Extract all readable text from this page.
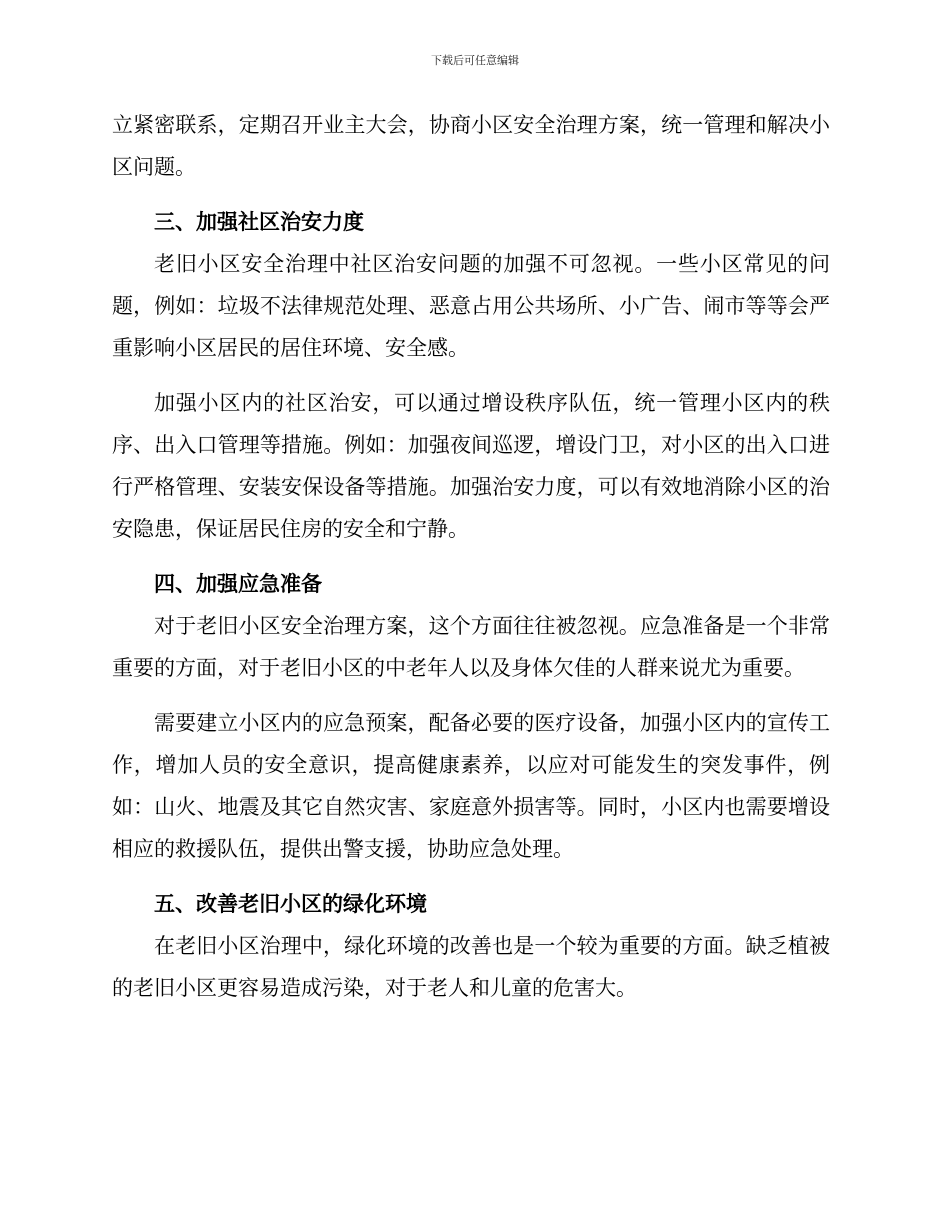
下载后可任意编辑

立紧密联系，定期召开业主大会，协商小区安全治理方案，统一管理和解决小区问题。

三、加强社区治安力度

老旧小区安全治理中社区治安问题的加强不可忽视。一些小区常见的问题，例如：垃圾不法律规范处理、恶意占用公共场所、小广告、闹市等等会严重影响小区居民的居住环境、安全感。

加强小区内的社区治安，可以通过增设秩序队伍，统一管理小区内的秩序、出入口管理等措施。例如：加强夜间巡逻，增设门卫，对小区的出入口进行严格管理、安装安保设备等措施。加强治安力度，可以有效地消除小区的治安隐患，保证居民住房的安全和宁静。

四、加强应急准备

对于老旧小区安全治理方案，这个方面往往被忽视。应急准备是一个非常重要的方面，对于老旧小区的中老年人以及身体欠佳的人群来说尤为重要。

需要建立小区内的应急预案，配备必要的医疗设备，加强小区内的宣传工作，增加人员的安全意识，提高健康素养，以应对可能发生的突发事件，例如：山火、地震及其它自然灾害、家庭意外损害等。同时，小区内也需要增设相应的救援队伍，提供出警支援，协助应急处理。

五、改善老旧小区的绿化环境

在老旧小区治理中，绿化环境的改善也是一个较为重要的方面。缺乏植被的老旧小区更容易造成污染，对于老人和儿童的危害大。
